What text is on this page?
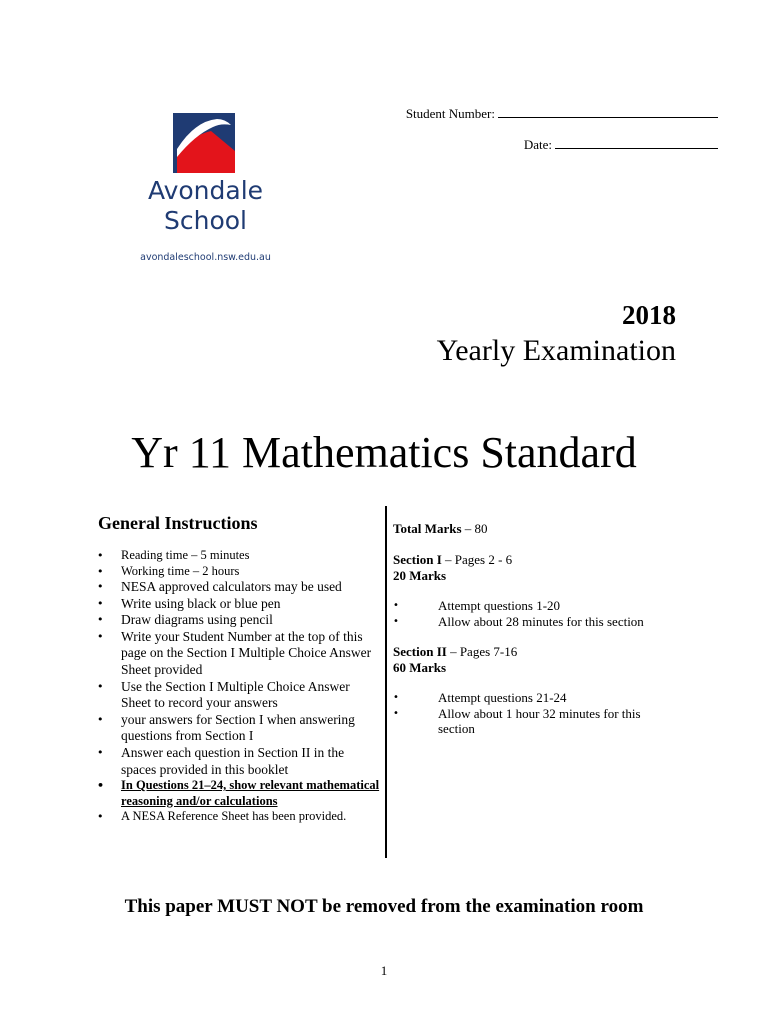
Student Number:
Date:
Avondale
School
avondaleschool.nsw.edu.au
2018
Yearly Examination
Yr 11 Mathematics Standard
General Instructions
• Reading time – 5 minutes
• Working time – 2 hours
• NESA approved calculators may be used
• Write using black or blue pen
• Draw diagrams using pencil
• Write your Student Number at the top of this page on the Section I Multiple Choice Answer Sheet provided
• Use the Section I Multiple Choice Answer Sheet to record your answers
• your answers for Section I when answering questions from Section I
• Answer each question in Section II in the spaces provided in this booklet
• In Questions 21–24, show relevant mathematical reasoning and/or calculations
• A NESA Reference Sheet has been provided.
Total Marks – 80
Section I – Pages 2 - 6
20 Marks
• Attempt questions 1-20
• Allow about 28 minutes for this section
Section II – Pages 7-16
60 Marks
• Attempt questions 21-24
• Allow about 1 hour 32 minutes for this section
This paper MUST NOT be removed from the examination room
1
